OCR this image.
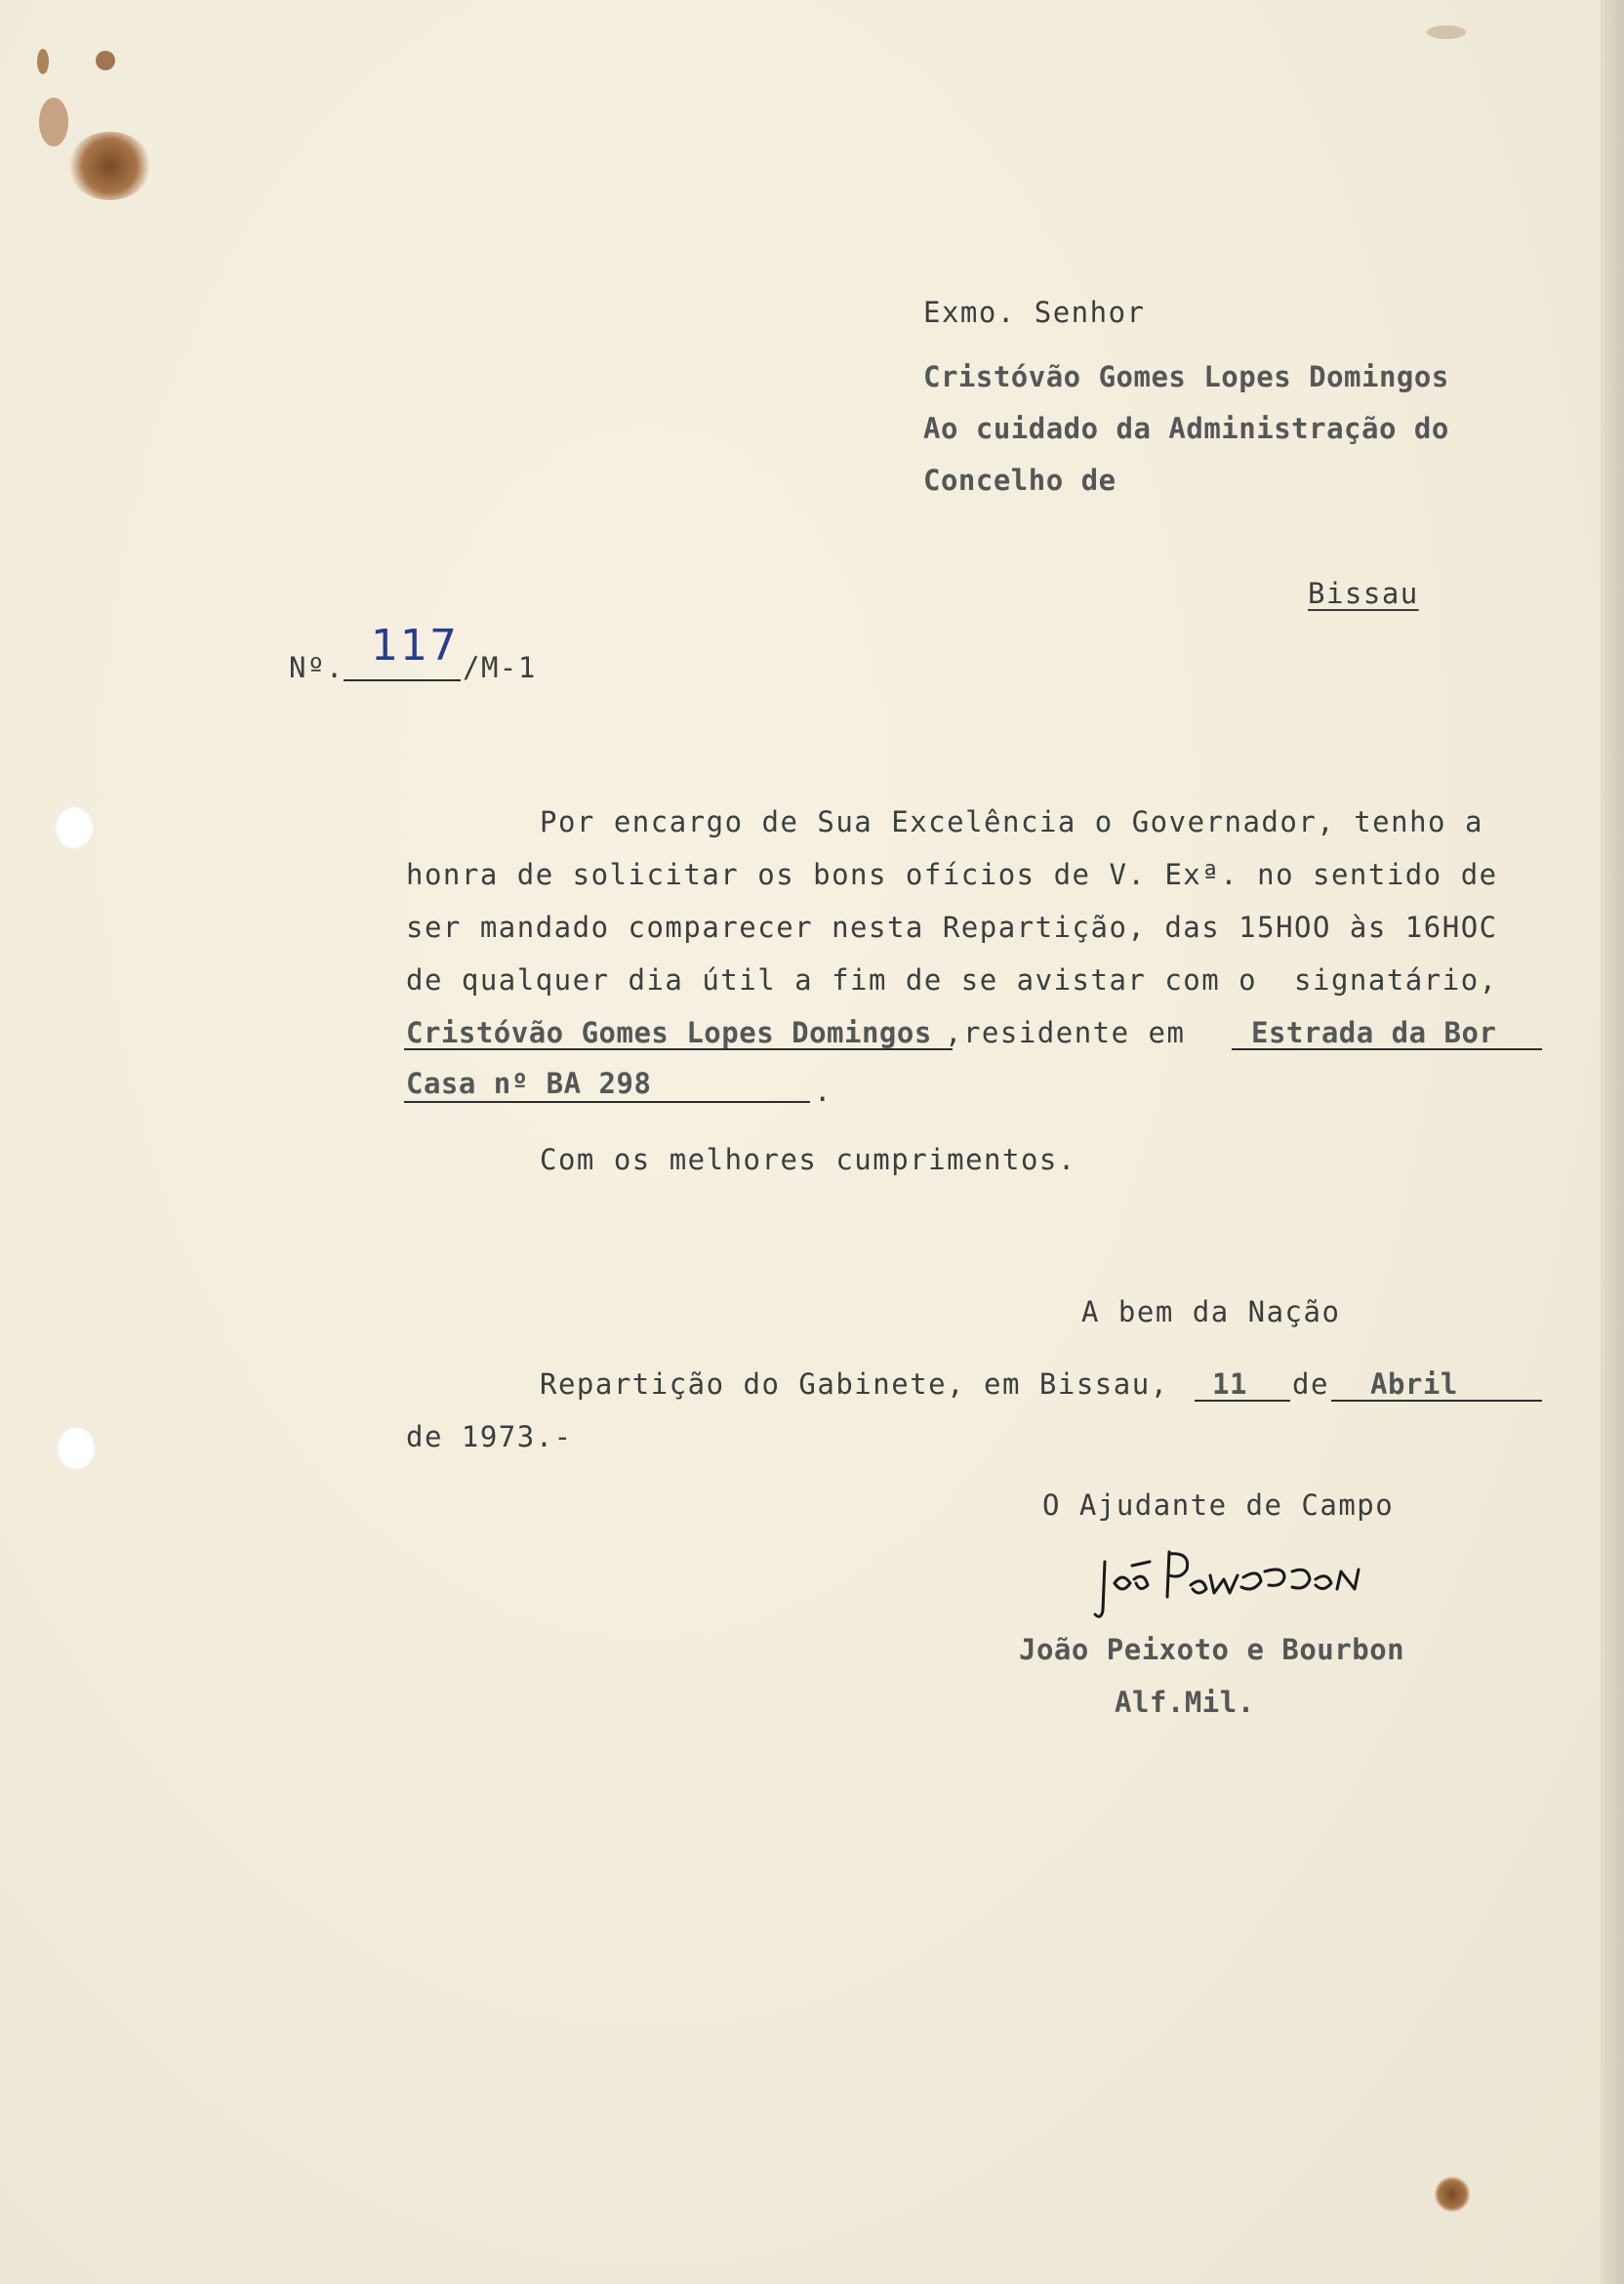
Exmo. Senhor
Cristóvão Gomes Lopes Domingos
Ao cuidado da Administração do
Concelho de
Bissau
Nº. 117 /M-1
Por encargo de Sua Excelência o Governador, tenho a
honra de solicitar os bons ofícios de V. Exª. no sentido de
ser mandado comparecer nesta Repartição, das 15HOO às 16HOC
de qualquer dia útil a fim de se avistar com o  signatário,
Cristóvão Gomes Lopes Domingos ,residente em Estrada da Bor
Casa nº BA 298	.
Com os melhores cumprimentos.
A bem da Nação
Repartição do Gabinete, em Bissau, 11 de Abril
de 1973.-
O Ajudante de Campo
João Peixoto e Bourbon
Alf.Mil.
